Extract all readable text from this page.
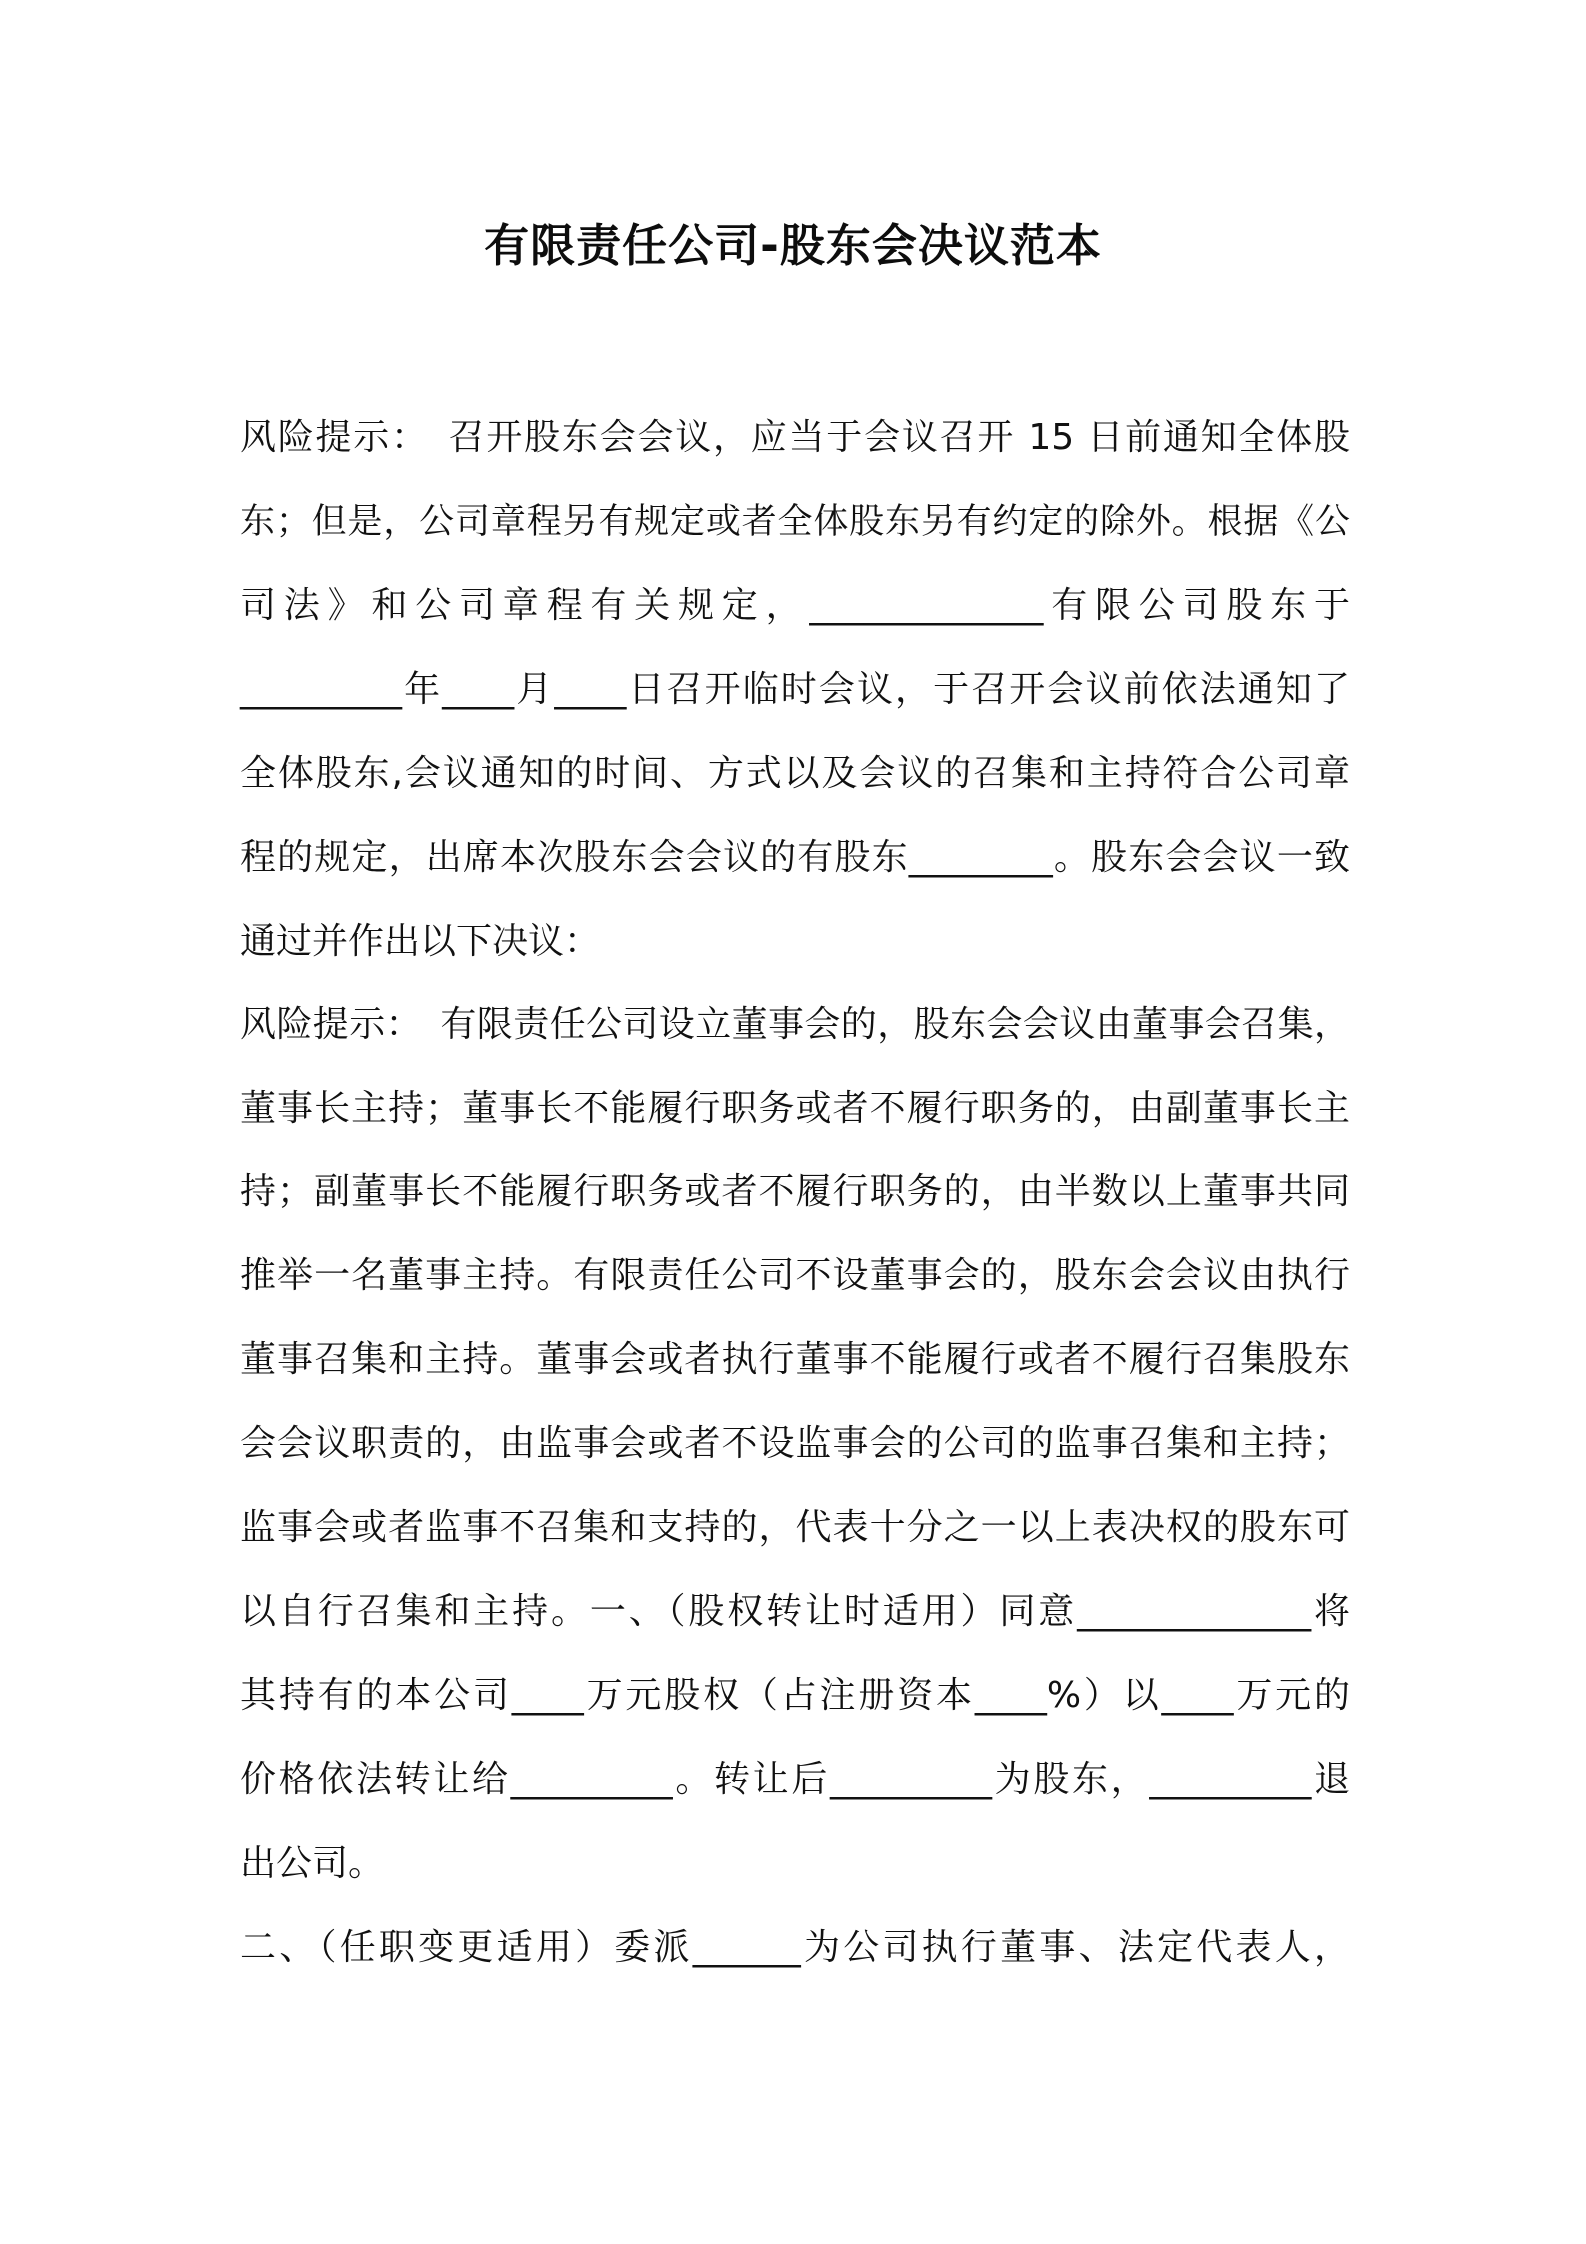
有限责任公司-股东会决议范本
风险提示：　召开股东会会议，应当于会议召开 15 日前通知全体股
东；但是，公司章程另有规定或者全体股东另有约定的除外。根据《公
司法》和公司章程有关规定，_____________有限公司股东于
_________年____月____日召开临时会议，于召开会议前依法通知了
全体股东,会议通知的时间、方式以及会议的召集和主持符合公司章
程的规定，出席本次股东会会议的有股东________。股东会会议一致
通过并作出以下决议：
风险提示：　有限责任公司设立董事会的，股东会会议由董事会召集，
董事长主持；董事长不能履行职务或者不履行职务的，由副董事长主
持；副董事长不能履行职务或者不履行职务的，由半数以上董事共同
推举一名董事主持。有限责任公司不设董事会的，股东会会议由执行
董事召集和主持。董事会或者执行董事不能履行或者不履行召集股东
会会议职责的，由监事会或者不设监事会的公司的监事召集和主持；
监事会或者监事不召集和支持的，代表十分之一以上表决权的股东可
以自行召集和主持。一、（股权转让时适用）同意_____________将
其持有的本公司____万元股权（占注册资本____%）以____万元的
价格依法转让给_________。转让后_________为股东，_________退
出公司。
二、（任职变更适用）委派______为公司执行董事、法定代表人，
